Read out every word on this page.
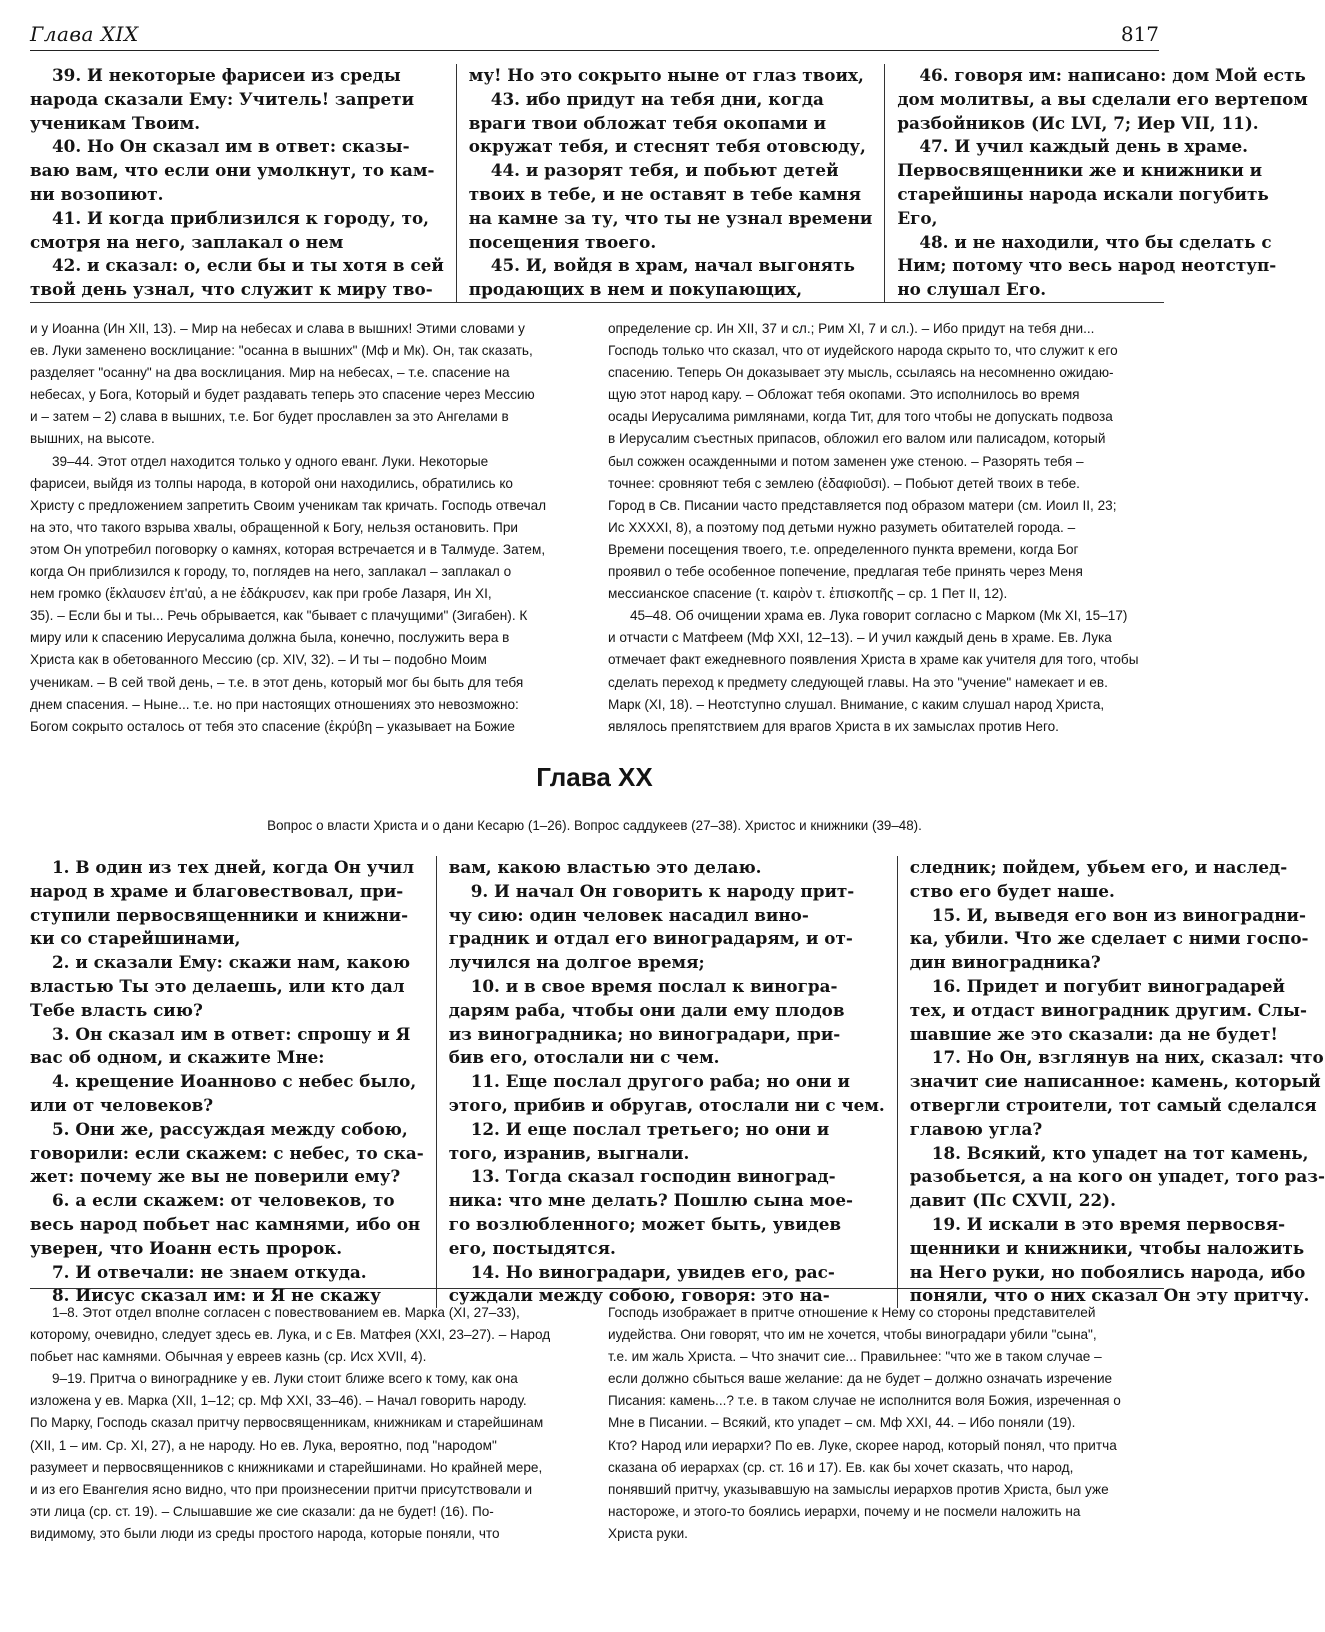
Глава XIX	817
39. И некоторые фарисеи из среды
народа сказали Ему: Учитель! запрети
ученикам Твоим.
40. Но Он сказал им в ответ: сказы-
ваю вам, что если они умолкнут, то кам-
ни возопиют.
41. И когда приблизился к городу, то,
смотря на него, заплакал о нем
42. и сказал: о, если бы и ты хотя в сей
твой день узнал, что служит к миру тво-
му! Но это сокрыто ныне от глаз твоих,
43. ибо придут на тебя дни, когда
враги твои обложат тебя окопами и
окружат тебя, и стеснят тебя отовсюду,
44. и разорят тебя, и побьют детей
твоих в тебе, и не оставят в тебе камня
на камне за ту, что ты не узнал времени
посещения твоего.
45. И, войдя в храм, начал выгонять
продающих в нем и покупающих,
46. говоря им: написано: дом Мой есть
дом молитвы, а вы сделали его вертепом
разбойников (Ис LVI, 7; Иер VII, 11).
47. И учил каждый день в храме.
Первосвященники же и книжники и
старейшины народа искали погубить
Его,
48. и не находили, что бы сделать с
Ним; потому что весь народ неотступ-
но слушал Его.
и у Иоанна (Ин XII, 13). – Мир на небесах и слава в вышних! Этими словами у
ев. Луки заменено восклицание: "осанна в вышних" (Мф и Мк). Он, так сказать,
разделяет "осанну" на два восклицания. Мир на небесах, – т.е. спасение на
небесах, у Бога, Который и будет раздавать теперь это спасение через Мессию
и – затем – 2) слава в вышних, т.е. Бог будет прославлен за это Ангелами в
вышних, на высоте.
39–44. Этот отдел находится только у одного еванг. Луки. Некоторые
фарисеи, выйдя из толпы народа, в которой они находились, обратились ко
Христу с предложением запретить Своим ученикам так кричать. Господь отвечал
на это, что такого взрыва хвалы, обращенной к Богу, нельзя остановить. При
этом Он употребил поговорку о камнях, которая встречается и в Талмуде. Затем,
когда Он приблизился к городу, то, поглядев на него, заплакал – заплакал о
нем громко (ἔκλαυσεν ἐπ'αὐ, а не ἐδάκρυσεν, как при гробе Лазаря, Ин XI,
35). – Если бы и ты... Речь обрывается, как "бывает с плачущими" (Зигабен). К
миру или к спасению Иерусалима должна была, конечно, послужить вера в
Христа как в обетованного Мессию (ср. XIV, 32). – И ты – подобно Моим
ученикам. – В сей твой день, – т.е. в этот день, который мог бы быть для тебя
днем спасения. – Ныне... т.е. но при настоящих отношениях это невозможно:
Богом сокрыто осталось от тебя это спасение (ἐκρύβη – указывает на Божие
определение ср. Ин XII, 37 и сл.; Рим XI, 7 и сл.). – Ибо придут на тебя дни...
Господь только что сказал, что от иудейского народа скрыто то, что служит к его
спасению. Теперь Он доказывает эту мысль, ссылаясь на несомненно ожидаю-
щую этот народ кару. – Обложат тебя окопами. Это исполнилось во время
осады Иерусалима римлянами, когда Тит, для того чтобы не допускать подвоза
в Иерусалим съестных припасов, обложил его валом или палисадом, который
был сожжен осажденными и потом заменен уже стеною. – Разорять тебя –
точнее: сровняют тебя с землею (ἐδαφιοῦσι). – Побьют детей твоих в тебе.
Город в Св. Писании часто представляется под образом матери (см. Иоил II, 23;
Ис ХХХХI, 8), а поэтому под детьми нужно разуметь обитателей города. –
Времени посещения твоего, т.е. определенного пункта времени, когда Бог
проявил о тебе особенное попечение, предлагая тебе принять через Меня
мессианское спасение (τ. καιρὸν τ. ἐπισκοπῆς – ср. 1 Пет II, 12).
45–48. Об очищении храма ев. Лука говорит согласно с Марком (Мк XI, 15–17)
и отчасти с Матфеем (Мф XXI, 12–13). – И учил каждый день в храме. Ев. Лука
отмечает факт ежедневного появления Христа в храме как учителя для того, чтобы
сделать переход к предмету следующей главы. На это "учение" намекает и ев.
Марк (XI, 18). – Неотступно слушал. Внимание, с каким слушал народ Христа,
являлось препятствием для врагов Христа в их замыслах против Него.
Глава XX
Вопрос о власти Христа и о дани Кесарю (1–26). Вопрос саддукеев (27–38). Христос и книжники (39–48).
1. В один из тех дней, когда Он учил
народ в храме и благовествовал, при-
ступили первосвященники и книжни-
ки со старейшинами,
2. и сказали Ему: скажи нам, какою
властью Ты это делаешь, или кто дал
Тебе власть сию?
3. Он сказал им в ответ: спрошу и Я
вас об одном, и скажите Мне:
4. крещение Иоанново с небес было,
или от человеков?
5. Они же, рассуждая между собою,
говорили: если скажем: с небес, то ска-
жет: почему же вы не поверили ему?
6. а если скажем: от человеков, то
весь народ побьет нас камнями, ибо он
уверен, что Иоанн есть пророк.
7. И отвечали: не знаем откуда.
8. Иисус сказал им: и Я не скажу
вам, какою властью это делаю.
9. И начал Он говорить к народу прит-
чу сию: один человек насадил вино-
градник и отдал его виноградарям, и от-
лучился на долгое время;
10. и в свое время послал к виногра-
дарям раба, чтобы они дали ему плодов
из виноградника; но виноградари, при-
бив его, отослали ни с чем.
11. Еще послал другого раба; но они и
этого, прибив и обругав, отослали ни с чем.
12. И еще послал третьего; но они и
того, изранив, выгнали.
13. Тогда сказал господин виноград-
ника: что мне делать? Пошлю сына мое-
го возлюбленного; может быть, увидев
его, постыдятся.
14. Но виноградари, увидев его, рас-
суждали между собою, говоря: это на-
следник; пойдем, убьем его, и наслед-
ство его будет наше.
15. И, выведя его вон из виноградни-
ка, убили. Что же сделает с ними госпо-
дин виноградника?
16. Придет и погубит виноградарей
тех, и отдаст виноградник другим. Слы-
шавшие же это сказали: да не будет!
17. Но Он, взглянув на них, сказал: что
значит сие написанное: камень, который
отвергли строители, тот самый сделался
главою угла?
18. Всякий, кто упадет на тот камень,
разобьется, а на кого он упадет, того раз-
давит (Пс CXVII, 22).
19. И искали в это время первосвя-
щенники и книжники, чтобы наложить
на Него руки, но побоялись народа, ибо
поняли, что о них сказал Он эту притчу.
1–8. Этот отдел вполне согласен с повествованием ев. Марка (XI, 27–33),
которому, очевидно, следует здесь ев. Лука, и с Ев. Матфея (XXI, 23–27). – Народ
побьет нас камнями. Обычная у евреев казнь (ср. Исх XVII, 4).
9–19. Притча о винограднике у ев. Луки стоит ближе всего к тому, как она
изложена у ев. Марка (XII, 1–12; ср. Мф XXI, 33–46). – Начал говорить народу.
По Марку, Господь сказал притчу первосвященникам, книжникам и старейшинам
(XII, 1 – им. Ср. XI, 27), а не народу. Но ев. Лука, вероятно, под "народом"
разумеет и первосвященников с книжниками и старейшинами. Но крайней мере,
и из его Евангелия ясно видно, что при произнесении притчи присутствовали и
эти лица (ср. ст. 19). – Слышавшие же сие сказали: да не будет! (16). По-
видимому, это были люди из среды простого народа, которые поняли, что
Господь изображает в притче отношение к Нему со стороны представителей
иудейства. Они говорят, что им не хочется, чтобы виноградари убили "сына",
т.е. им жаль Христа. – Что значит сие... Правильнее: "что же в таком случае –
если должно сбыться ваше желание: да не будет – должно означать изречение
Писания: камень...? т.е. в таком случае не исполнится воля Божия, изреченная о
Мне в Писании. – Всякий, кто упадет – см. Мф XXI, 44. – Ибо поняли (19).
Кто? Народ или иерархи? По ев. Луке, скорее народ, который понял, что притча
сказана об иерархах (ср. ст. 16 и 17). Ев. как бы хочет сказать, что народ,
понявший притчу, указывавшую на замыслы иерархов против Христа, был уже
настороже, и этого-то боялись иерархи, почему и не посмели наложить на
Христа руки.
